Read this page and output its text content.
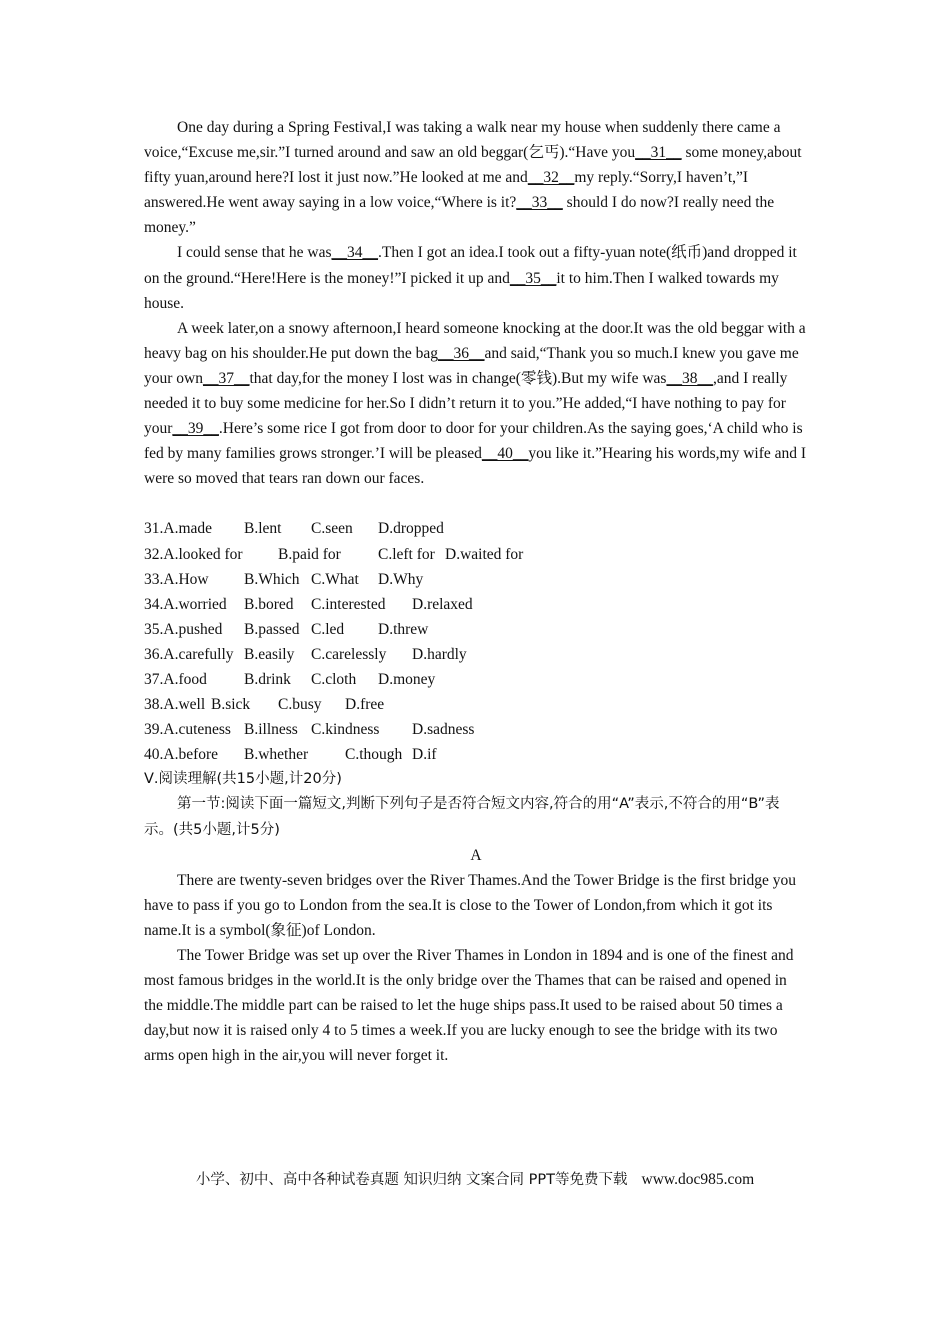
One day during a Spring Festival,I was taking a walk near my house when suddenly there came a voice,“Excuse me,sir.”I turned around and saw an old beggar(乞丐).“Have you__31__ some money,about fifty yuan,around here?I lost it just now.”He looked at me and__32__my reply.“Sorry,I haven’t,”I answered.He went away saying in a low voice,“Where is it?__33__ should I do now?I really need the money.”

I could sense that he was__34__.Then I got an idea.I took out a fifty-yuan note(纸币)and dropped it on the ground.“Here!Here is the money!”I picked it up and__35__it to him.Then I walked towards my house.

A week later,on a snowy afternoon,I heard someone knocking at the door.It was the old beggar with a heavy bag on his shoulder.He put down the bag__36__and said,“Thank you so much.I knew you gave me your own__37__that day,for the money I lost was in change(零钱).But my wife was__38__,and I really needed it to buy some medicine for her.So I didn’t return it to you.”He added,“I have nothing to pay for your__39__.Here’s some rice I got from door to door for your children.As the saying goes,‘A child who is fed by many families grows stronger.’I will be pleased__40__you like it.”Hearing his words,my wife and I were so moved that tears ran down our faces.

31.A.made B.lent C.seen D.dropped
32.A.looked for B.paid for C.left for D.waited for
33.A.How B.Which C.What D.Why
34.A.worried B.bored C.interested D.relaxed
35.A.pushed B.passed C.led D.threw
36.A.carefully B.easily C.carelessly D.hardly
37.A.food B.drink C.cloth D.money
38.A.well B.sick C.busy D.free
39.A.cuteness B.illness C.kindness D.sadness
40.A.before B.whether C.though D.if

Ⅴ.阅读理解(共15小题,计20分)

第一节:阅读下面一篇短文,判断下列句子是否符合短文内容,符合的用“A”表示,不符合的用“B”表示。(共5小题,计5分)

A

There are twenty-seven bridges over the River Thames.And the Tower Bridge is the first bridge you have to pass if you go to London from the sea.It is close to the Tower of London,from which it got its name.It is a symbol(象征)of London.

The Tower Bridge was set up over the River Thames in London in 1894 and is one of the finest and most famous bridges in the world.It is the only bridge over the Thames that can be raised and opened in the middle.The middle part can be raised to let the huge ships pass.It used to be raised about 50 times a day,but now it is raised only 4 to 5 times a week.If you are lucky enough to see the bridge with its two arms open high in the air,you will never forget it.

小学、初中、高中各种试卷真题 知识归纳 文案合同 PPT等免费下载 www.doc985.com
